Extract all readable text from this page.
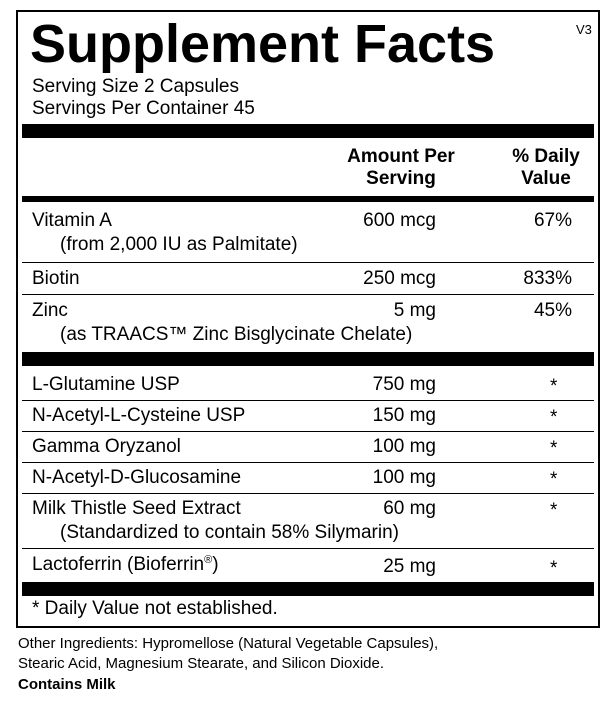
Supplement Facts	V3
Serving Size 2 Capsules
Servings Per Container 45
Amount Per
Serving
% Daily
Value
Vitamin A	600 mcg	67%
(from 2,000 IU as Palmitate)
Biotin	250 mcg	833%
Zinc	5 mg	45%
(as TRAACS™ Zinc Bisglycinate Chelate)
L-Glutamine USP	750 mg	*
N-Acetyl-L-Cysteine USP	150 mg	*
Gamma Oryzanol	100 mg	*
N-Acetyl-D-Glucosamine	100 mg	*
Milk Thistle Seed Extract	60 mg	*
(Standardized to contain 58% Silymarin)
Lactoferrin (Bioferrin®)	25 mg	*
* Daily Value not established.
Other Ingredients: Hypromellose (Natural Vegetable Capsules),
Stearic Acid, Magnesium Stearate, and Silicon Dioxide.
Contains Milk
